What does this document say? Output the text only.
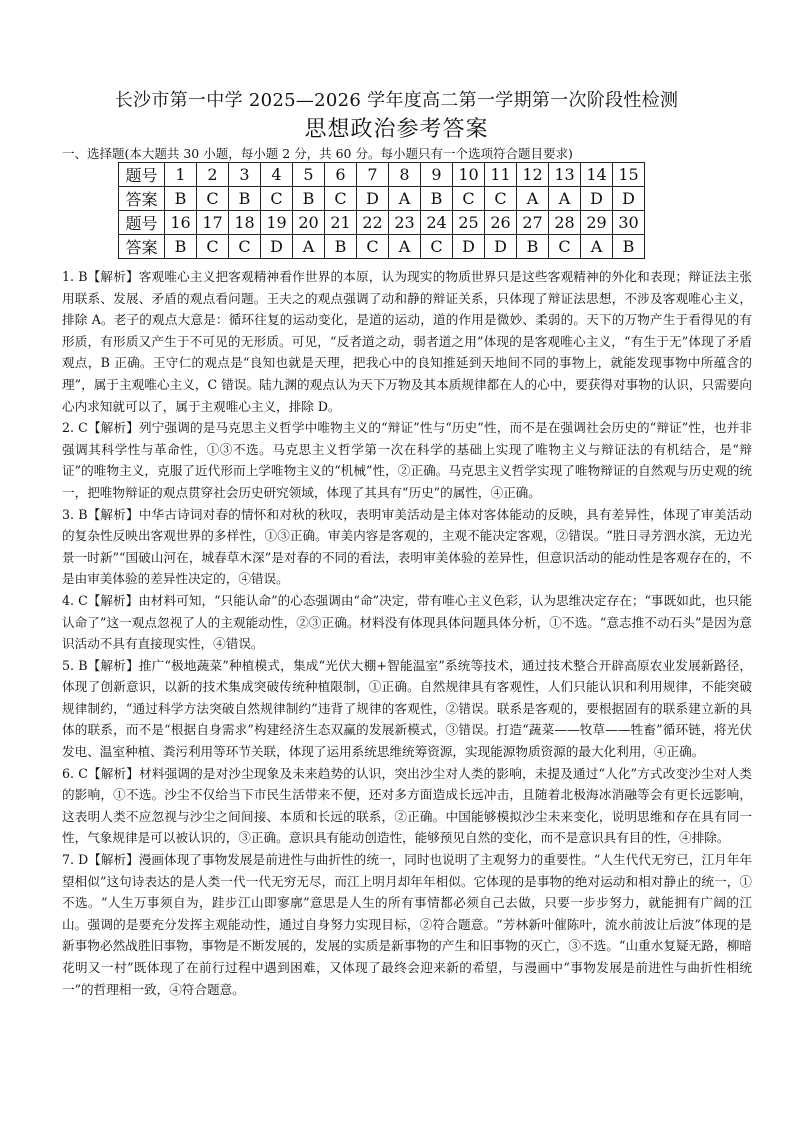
长沙市第一中学 2025—2026 学年度高二第一学期第一次阶段性检测
思想政治参考答案
一、选择题(本大题共 30 小题，每小题 2 分，共 60 分。每小题只有一个选项符合题目要求)
题号	1	2	3	4	5	6	7	8	9	10	11	12	13	14	15
答案	B	C	B	C	B	C	D	A	B	C	C	A	A	D	D
题号	16	17	18	19	20	21	22	23	24	25	26	27	28	29	30
答案	B	C	C	D	A	B	C	A	C	D	D	B	C	A	B

1. B【解析】客观唯心主义把客观精神看作世界的本原，认为现实的物质世界只是这些客观精神的外化和表现；辩证法主张用联系、发展、矛盾的观点看问题。王夫之的观点强调了动和静的辩证关系，只体现了辩证法思想，不涉及客观唯心主义，排除 A。老子的观点大意是：循环往复的运动变化，是道的运动，道的作用是微妙、柔弱的。天下的万物产生于看得见的有形质，有形质又产生于不可见的无形质。可见，“反者道之动，弱者道之用”体现的是客观唯心主义，“有生于无”体现了矛盾观点，B 正确。王守仁的观点是“良知也就是天理，把我心中的良知推延到天地间不同的事物上，就能发现事物中所蕴含的理”，属于主观唯心主义，C 错误。陆九渊的观点认为天下万物及其本质规律都在人的心中，要获得对事物的认识，只需要向心内求知就可以了，属于主观唯心主义，排除 D。

2. C【解析】列宁强调的是马克思主义哲学中唯物主义的“辩证”性与“历史”性，而不是在强调社会历史的“辩证”性，也并非强调其科学性与革命性，①③不选。马克思主义哲学第一次在科学的基础上实现了唯物主义与辩证法的有机结合，是“辩证”的唯物主义，克服了近代形而上学唯物主义的“机械”性，②正确。马克思主义哲学实现了唯物辩证的自然观与历史观的统一，把唯物辩证的观点贯穿社会历史研究领域，体现了其具有“历史”的属性，④正确。

3. B【解析】中华古诗词对春的情怀和对秋的秋叹，表明审美活动是主体对客体能动的反映，具有差异性，体现了审美活动的复杂性反映出客观世界的多样性，①③正确。审美内容是客观的，主观不能决定客观，②错误。“胜日寻芳泗水滨，无边光景一时新”“国破山河在，城春草木深”是对春的不同的看法，表明审美体验的差异性，但意识活动的能动性是客观存在的，不是由审美体验的差异性决定的，④错误。

4. C【解析】由材料可知，“只能认命”的心态强调由“命”决定，带有唯心主义色彩，认为思维决定存在；“事既如此，也只能认命了”这一观点忽视了人的主观能动性，②③正确。材料没有体现具体问题具体分析，①不选。“意志推不动石头”是因为意识活动不具有直接现实性，④错误。

5. B【解析】推广“极地蔬菜”种植模式，集成“光伏大棚+智能温室”系统等技术，通过技术整合开辟高原农业发展新路径，体现了创新意识，以新的技术集成突破传统种植限制，①正确。自然规律具有客观性，人们只能认识和利用规律，不能突破规律制约，“通过科学方法突破自然规律制约”违背了规律的客观性，②错误。联系是客观的，要根据固有的联系建立新的具体的联系，而不是“根据自身需求”构建经济生态双赢的发展新模式，③错误。打造“蔬菜——牧草——牲畜”循环链，将光伏发电、温室种植、粪污利用等环节关联，体现了运用系统思维统筹资源，实现能源物质资源的最大化利用，④正确。

6. C【解析】材料强调的是对沙尘现象及未来趋势的认识，突出沙尘对人类的影响，未提及通过“人化”方式改变沙尘对人类的影响，①不选。沙尘不仅给当下市民生活带来不便，还对多方面造成长远冲击，且随着北极海冰消融等会有更长远影响，这表明人类不应忽视与沙尘之间间接、本质和长远的联系，②正确。中国能够模拟沙尘未来变化，说明思维和存在具有同一性，气象规律是可以被认识的，③正确。意识具有能动创造性，能够预见自然的变化，而不是意识具有目的性，④排除。

7. D【解析】漫画体现了事物发展是前进性与曲折性的统一，同时也说明了主观努力的重要性。“人生代代无穷已，江月年年望相似”这句诗表达的是人类一代一代无穷无尽，而江上明月却年年相似。它体现的是事物的绝对运动和相对静止的统一，①不选。“人生万事须自为，跬步江山即寥廓”意思是人生的所有事情都必须自己去做，只要一步步努力，就能拥有广阔的江山。强调的是要充分发挥主观能动性，通过自身努力实现目标，②符合题意。“芳林新叶催陈叶，流水前波让后波”体现的是新事物必然战胜旧事物，事物是不断发展的，发展的实质是新事物的产生和旧事物的灭亡，③不选。“山重水复疑无路，柳暗花明又一村”既体现了在前行过程中遇到困难，又体现了最终会迎来新的希望，与漫画中“事物发展是前进性与曲折性相统一”的哲理相一致，④符合题意。
